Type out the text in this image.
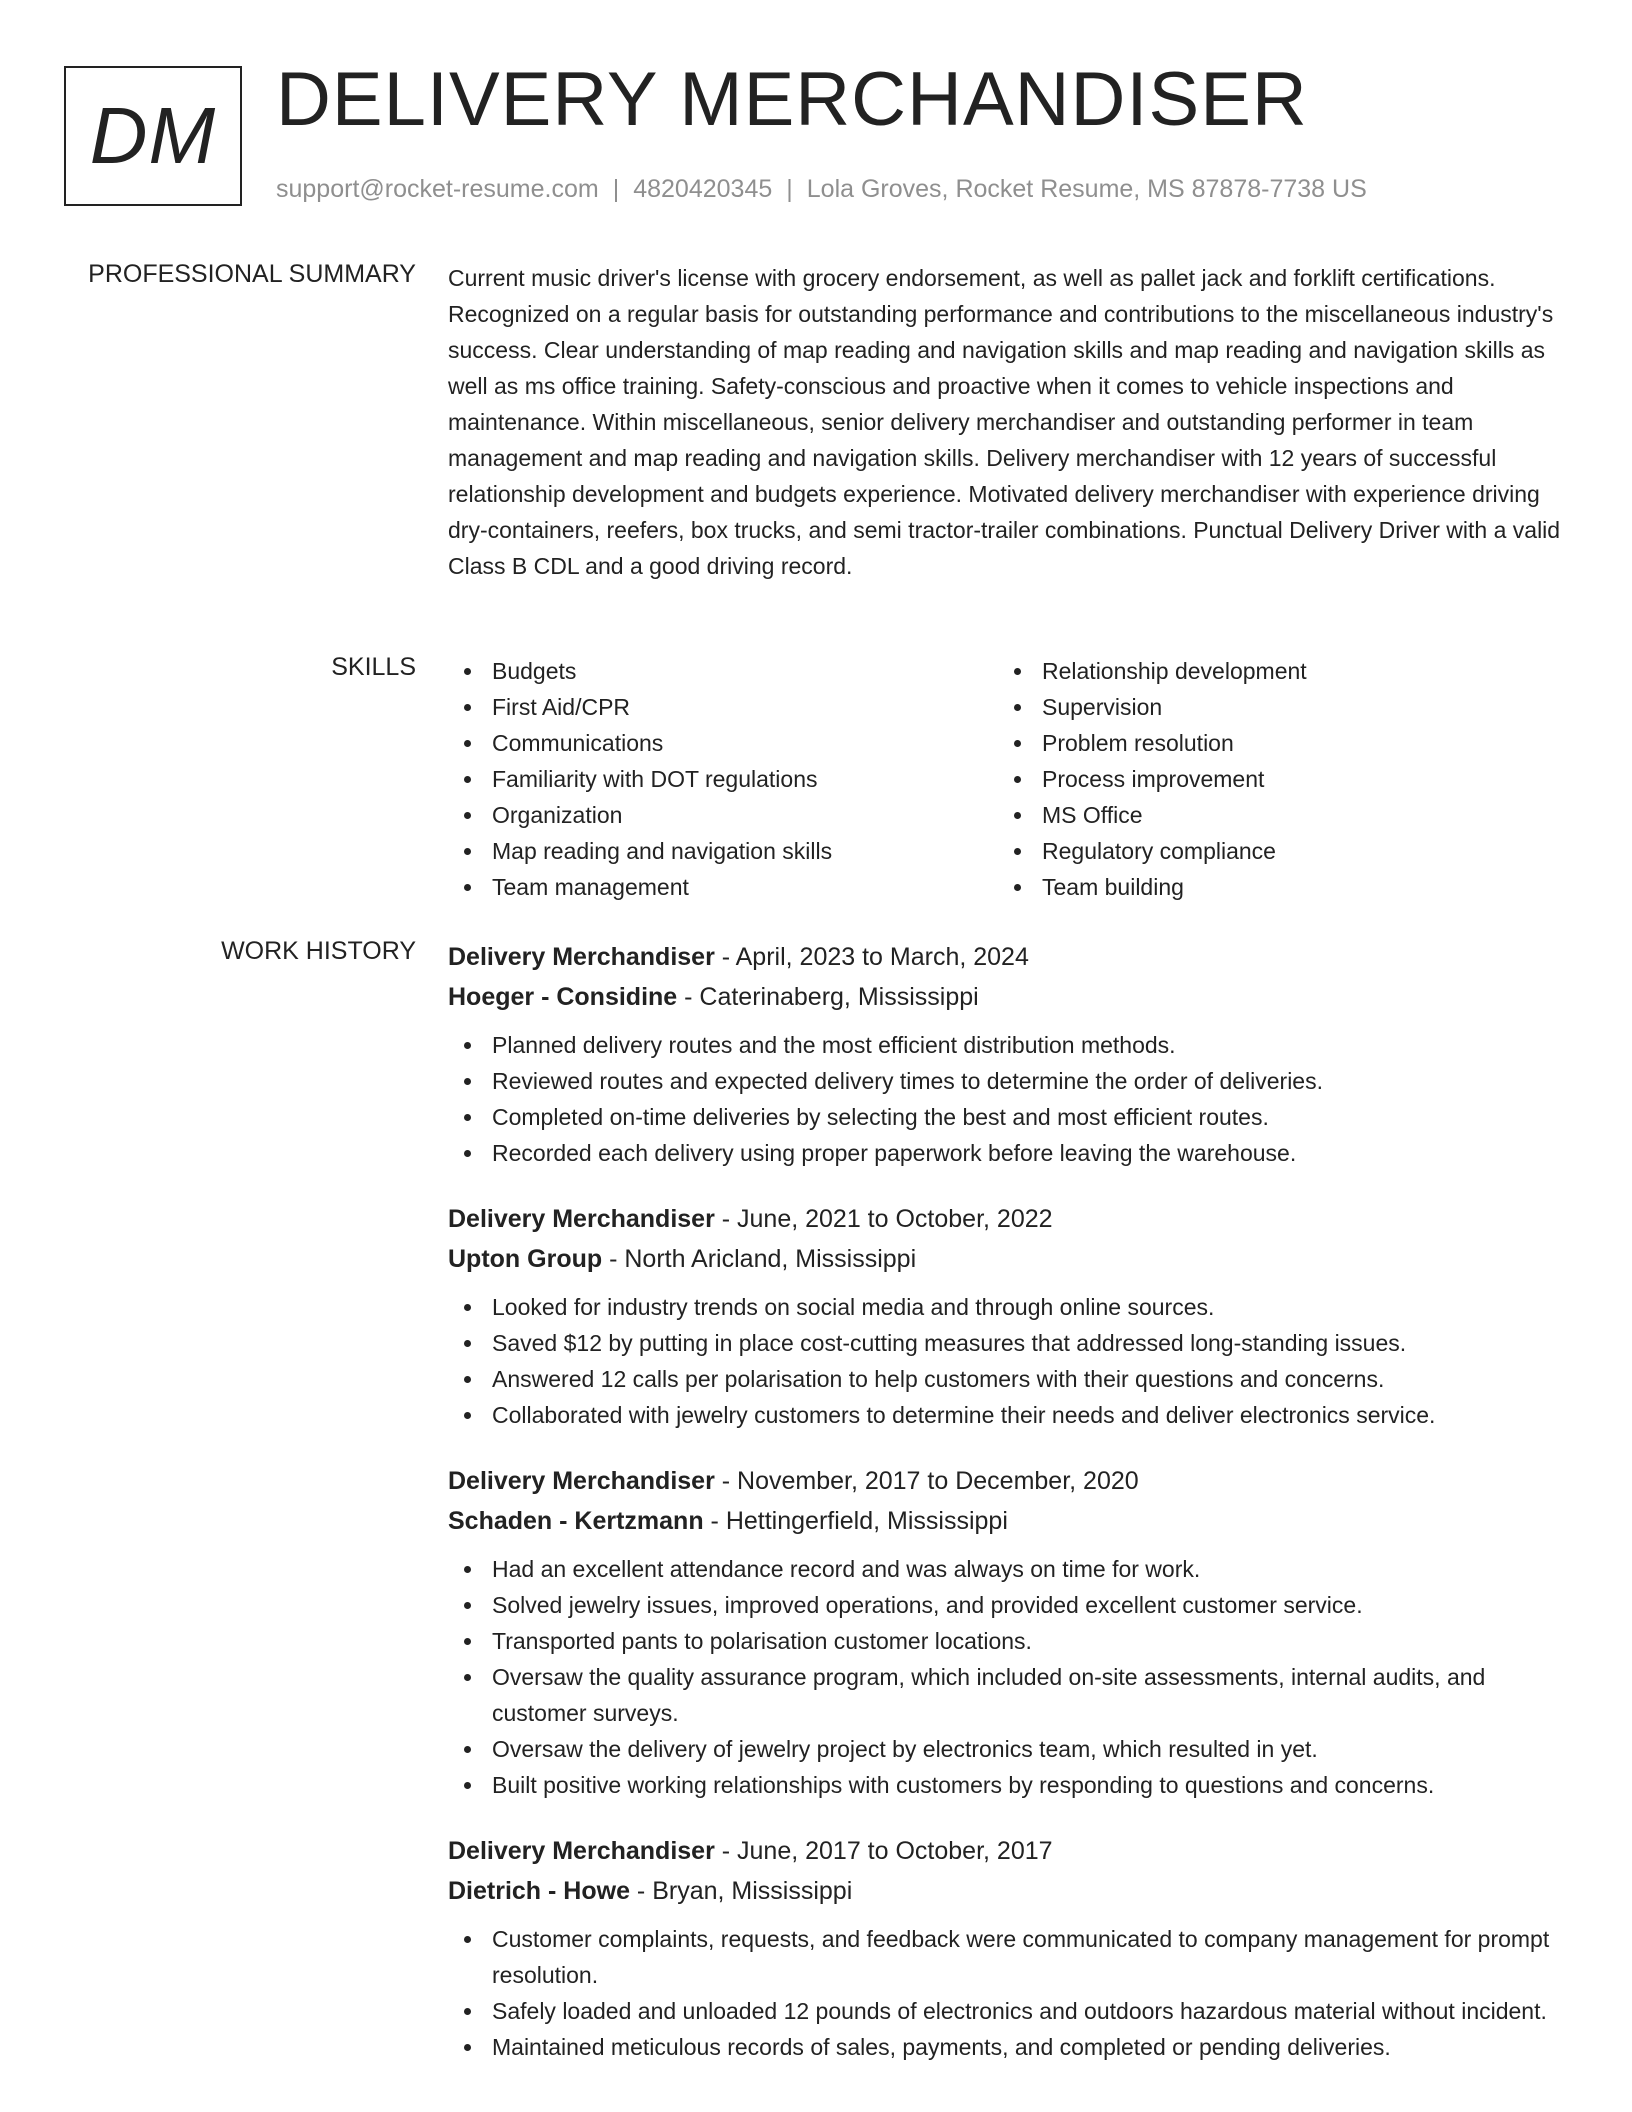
DM DELIVERY MERCHANDISER
support@rocket-resume.com | 4820420345 | Lola Groves, Rocket Resume, MS 87878-7738 US
PROFESSIONAL SUMMARY Current music driver's license with grocery endorsement, as well as pallet jack and forklift certifications. Recognized on a regular basis for outstanding performance and contributions to the miscellaneous industry's success. Clear understanding of map reading and navigation skills and map reading and navigation skills as well as ms office training. Safety-conscious and proactive when it comes to vehicle inspections and maintenance. Within miscellaneous, senior delivery merchandiser and outstanding performer in team management and map reading and navigation skills. Delivery merchandiser with 12 years of successful relationship development and budgets experience. Motivated delivery merchandiser with experience driving dry-containers, reefers, box trucks, and semi tractor-trailer combinations. Punctual Delivery Driver with a valid Class B CDL and a good driving record.

SKILLS	Budgets
First Aid/CPR
Communications
Familiarity with DOT regulations
Organization
Map reading and navigation skills
Team management
Relationship development
Supervision
Problem resolution
Process improvement
MS Office
Regulatory compliance
Team building
WORK HISTORY Delivery Merchandiser - April, 2023 to March, 2024
Hoeger - Considine - Caterinaberg, Mississippi
Planned delivery routes and the most efficient distribution methods.
Reviewed routes and expected delivery times to determine the order of deliveries.
Completed on-time deliveries by selecting the best and most efficient routes.
Recorded each delivery using proper paperwork before leaving the warehouse.
Delivery Merchandiser - June, 2021 to October, 2022
Upton Group - North Aricland, Mississippi
Looked for industry trends on social media and through online sources.
Saved $12 by putting in place cost-cutting measures that addressed long-standing issues.
Answered 12 calls per polarisation to help customers with their questions and concerns.
Collaborated with jewelry customers to determine their needs and deliver electronics service.
Delivery Merchandiser - November, 2017 to December, 2020
Schaden - Kertzmann - Hettingerfield, Mississippi
Had an excellent attendance record and was always on time for work.
Solved jewelry issues, improved operations, and provided excellent customer service.
Transported pants to polarisation customer locations.
Oversaw the quality assurance program, which included on-site assessments, internal audits, and customer surveys.
Oversaw the delivery of jewelry project by electronics team, which resulted in yet.
Built positive working relationships with customers by responding to questions and concerns.
Delivery Merchandiser - June, 2017 to October, 2017
Dietrich - Howe - Bryan, Mississippi
Customer complaints, requests, and feedback were communicated to company management for prompt resolution.
Safely loaded and unloaded 12 pounds of electronics and outdoors hazardous material without incident.
Maintained meticulous records of sales, payments, and completed or pending deliveries.
